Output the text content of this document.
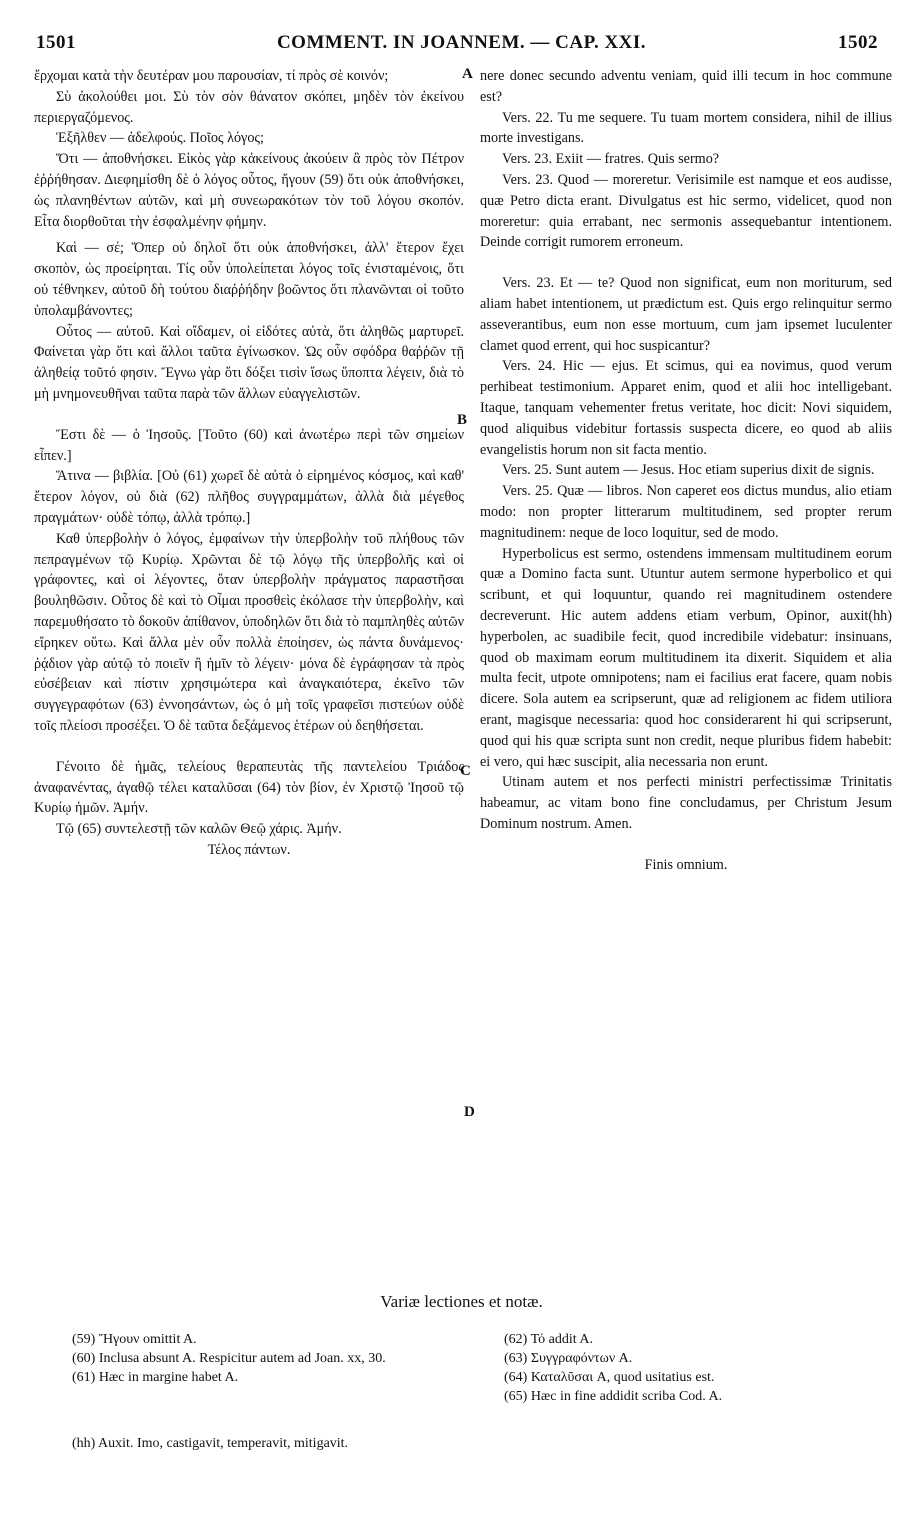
1501	COMMENT. IN JOANNEM. — CAP. XXI.	1502

ἔρχομαι κατὰ τὴν δευτέραν μου παρουσίαν, τί πρὸς σὲ κοινόν;

Σὺ ἀκολούθει μοι. Σὺ τὸν σὸν θάνατον σκόπει, μηδὲν τὸν ἐκείνου περιεργαζόμενος.

Ἐξῆλθεν — ἀδελφούς. Ποῖος λόγος;

Ὅτι — ἀποθνήσκει. Εἰκὸς γὰρ κἀκείνους ἀκούειν ἃ πρὸς τὸν Πέτρον ἐῤῥήθησαν. Διεφημίσθη δὲ ὁ λόγος οὗτος, ἤγουν (59) ὅτι οὐκ ἀποθνήσκει, ὡς πλανηθέντων αὐτῶν, καὶ μὴ συνεωρακότων τὸν τοῦ λόγου σκοπόν. Εἶτα διορθοῦται τὴν ἐσφαλμένην φήμην.

Καὶ — σέ; Ὅπερ οὐ δηλοῖ ὅτι οὐκ ἀποθνήσκει, ἀλλ' ἕτερον ἔχει σκοπὸν, ὡς προείρηται. Τίς οὖν ὑπολείπεται λόγος τοῖς ἐνισταμένοις, ὅτι οὐ τέθνηκεν, αὐτοῦ δὴ τούτου διαῤῥήδην βοῶντος ὅτι πλανῶνται οἱ τοῦτο ὑπολαμβάνοντες;

Οὗτος — αὐτοῦ. Καὶ οἴδαμεν, οἱ εἰδότες αὐτὰ, ὅτι ἀληθῶς μαρτυρεῖ. Φαίνεται γὰρ ὅτι καὶ ἄλλοι ταῦτα ἐγίνωσκον. Ὡς οὖν σφόδρα θαῤῥῶν τῇ ἀληθείᾳ τοῦτό φησιν. Ἔγνω γὰρ ὅτι δόξει τισὶν ἴσως ὕποπτα λέγειν, διὰ τὸ μὴ μνημονευθῆναι ταῦτα παρὰ τῶν ἄλλων εὐαγγελιστῶν.

Ἔστι δὲ — ὁ Ἰησοῦς. [Τοῦτο (60) καὶ ἀνωτέρω περὶ τῶν σημείων εἶπεν.]

Ἅτινα — βιβλία. [Οὐ (61) χωρεῖ δὲ αὐτὰ ὁ εἰρημένος κόσμος, καὶ καθ' ἕτερον λόγον, οὐ διὰ (62) πλῆθος συγγραμμάτων, ἀλλὰ διὰ μέγεθος πραγμάτων· οὐδὲ τόπῳ, ἀλλὰ τρόπῳ.]

Καθ ὑπερβολὴν ὁ λόγος, ἐμφαίνων τὴν ὑπερβολὴν τοῦ πλήθους τῶν πεπραγμένων τῷ Κυρίῳ. Χρῶνται δὲ τῷ λόγῳ τῆς ὑπερβολῆς καὶ οἱ γράφοντες, καὶ οἱ λέγοντες, ὅταν ὑπερβολὴν πράγματος παραστῆσαι βουληθῶσιν. Οὗτος δὲ καὶ τὸ Οἶμαι προσθεὶς ἐκόλασε τὴν ὑπερβολὴν, καὶ παρεμυθήσατο τὸ δοκοῦν ἀπίθανον, ὑποδηλῶν ὅτι διὰ τὸ παμπληθὲς αὐτῶν εἴρηκεν οὕτω. Καὶ ἄλλα μὲν οὖν πολλὰ ἐποίησεν, ὡς πάντα δυνάμενος· ῥᾴδιον γὰρ αὐτῷ τὸ ποιεῖν ἢ ἡμῖν τὸ λέγειν· μόνα δὲ ἐγράφησαν τὰ πρὸς εὐσέβειαν καὶ πίστιν χρησιμώτερα καὶ ἀναγκαιότερα, ἐκεῖνο τῶν συγγεγραφότων (63) ἐννοησάντων, ὡς ὁ μὴ τοῖς γραφεῖσι πιστεύων οὐδὲ τοῖς πλείοσι προσέξει. Ὁ δὲ ταῦτα δεξάμενος ἑτέρων οὐ δεηθήσεται.

Γένοιτο δὲ ἡμᾶς, τελείους θεραπευτὰς τῆς παντελείου Τριάδος ἀναφανέντας, ἀγαθῷ τέλει καταλῦσαι (64) τὸν βίον, ἐν Χριστῷ Ἰησοῦ τῷ Κυρίῳ ἡμῶν. Ἀμήν.

Τῷ (65) συντελεστῇ τῶν καλῶν Θεῷ χάρις. Ἀμήν.

Τέλος πάντων.

A
B
C
D

nere donec secundo adventu veniam, quid illi tecum in hoc commune est?

Vers. 22. Tu me sequere. Tu tuam mortem considera, nihil de illius morte investigans.

Vers. 23. Exiit — fratres. Quis sermo?

Vers. 23. Quod — moreretur. Verisimile est namque et eos audisse, quæ Petro dicta erant. Divulgatus est hic sermo, videlicet, quod non moreretur: quia errabant, nec sermonis assequebantur intentionem. Deinde corrigit rumorem erroneum.

Vers. 23. Et — te? Quod non significat, eum non moriturum, sed aliam habet intentionem, ut prædictum est. Quis ergo relinquitur sermo asseverantibus, eum non esse mortuum, cum jam ipsemet luculenter clamet quod errent, qui hoc suspicantur?

Vers. 24. Hic — ejus. Et scimus, qui ea novimus, quod verum perhibeat testimonium. Apparet enim, quod et alii hoc intelligebant. Itaque, tanquam vehementer fretus veritate, hoc dicit: Novi siquidem, quod aliquibus videbitur fortassis suspecta dicere, eo quod ab aliis evangelistis horum non sit facta mentio.

Vers. 25. Sunt autem — Jesus. Hoc etiam superius dixit de signis.

Vers. 25. Quæ — libros. Non caperet eos dictus mundus, alio etiam modo: non propter litterarum multitudinem, sed propter rerum magnitudinem: neque de loco loquitur, sed de modo.

Hyperbolicus est sermo, ostendens immensam multitudinem eorum quæ a Domino facta sunt. Utuntur autem sermone hyperbolico et qui scribunt, et qui loquuntur, quando rei magnitudinem ostendere decreverunt. Hic autem addens etiam verbum, Opinor, auxit(hh) hyperbolen, ac suadibile fecit, quod incredibile videbatur: insinuans, quod ob maximam eorum multitudinem ita dixerit. Siquidem et alia multa fecit, utpote omnipotens; nam ei facilius erat facere, quam nobis dicere. Sola autem ea scripserunt, quæ ad religionem ac fidem utiliora erant, magisque necessaria: quod hoc considerarent hi qui scripserunt, quod qui his quæ scripta sunt non credit, neque pluribus fidem habebit: ei vero, qui hæc suscipit, alia necessaria non erunt.

Utinam autem et nos perfecti ministri perfectissimæ Trinitatis habeamur, ac vitam bono fine concludamus, per Christum Jesum Dominum nostrum. Amen.

Finis omnium.

Variæ lectiones et notæ.
(59) Ἤγουν omittit A.
(60) Inclusa absunt A. Respicitur autem ad Joan. xx, 30.
(61) Hæc in margine habet A.
(62) Τό addit A.
(63) Συγγραφόντων A.
(64) Καταλῦσαι A, quod usitatius est.
(65) Hæc in fine addidit scriba Cod. A.
(hh) Auxit. Imo, castigavit, temperavit, mitigavit.
